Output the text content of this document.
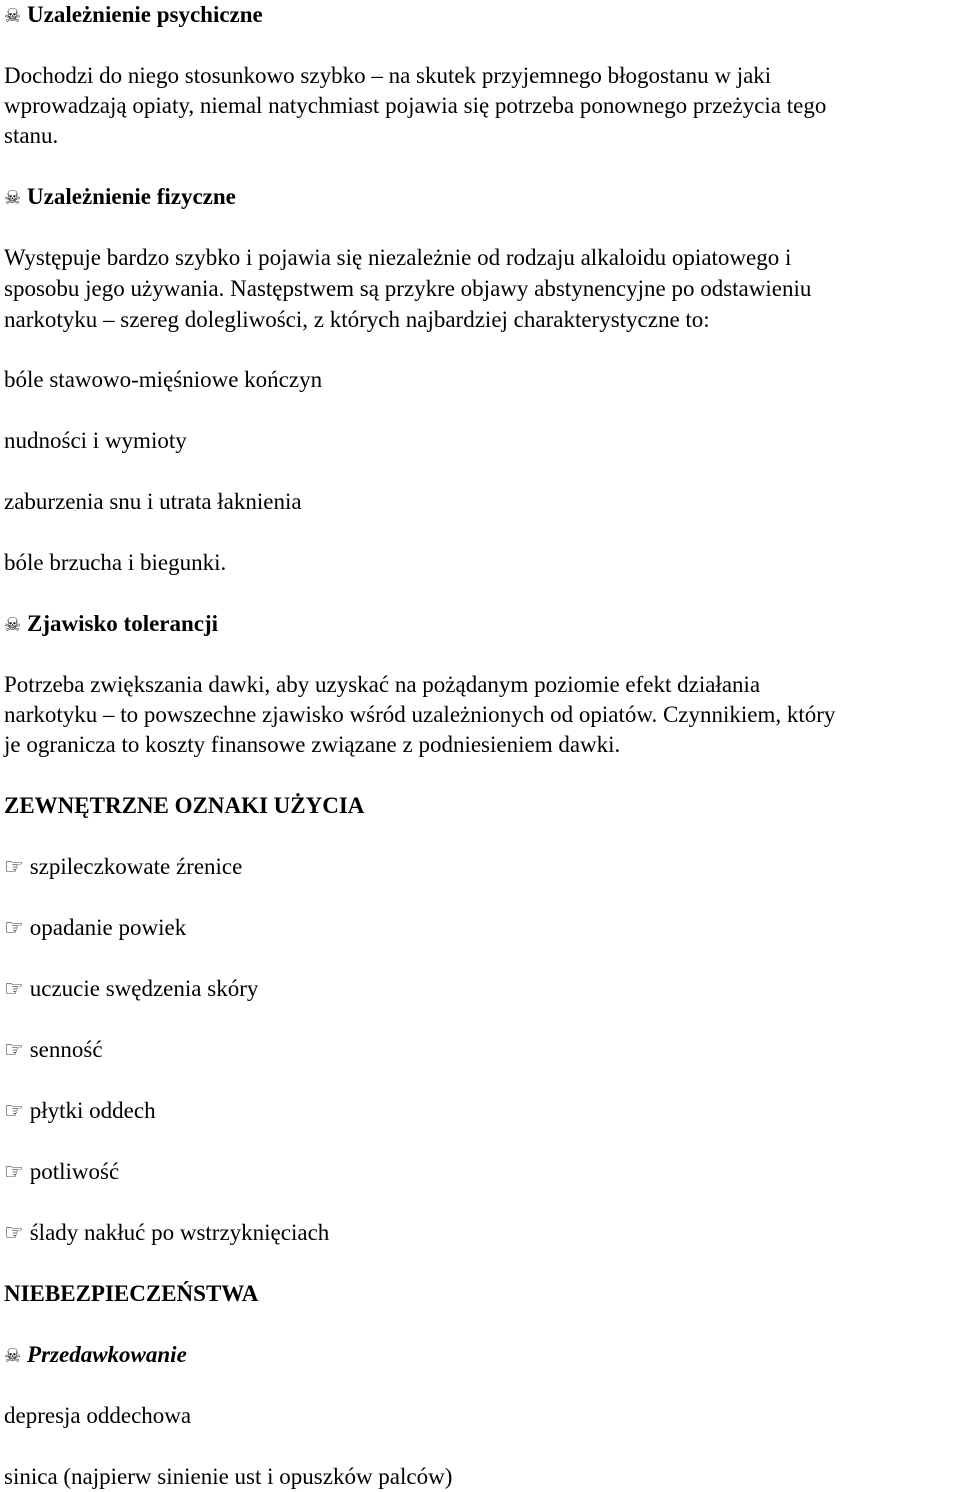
☠ Uzależnienie psychiczne
Dochodzi do niego stosunkowo szybko – na skutek przyjemnego błogostanu w jaki
wprowadzają opiaty, niemal natychmiast pojawia się potrzeba ponownego przeżycia tego
stanu.
☠ Uzależnienie fizyczne
Występuje bardzo szybko i pojawia się niezależnie od rodzaju alkaloidu opiatowego i
sposobu jego używania. Następstwem są przykre objawy abstynencyjne po odstawieniu
narkotyku – szereg dolegliwości, z których najbardziej charakterystyczne to:
bóle stawowo-mięśniowe kończyn
nudności i wymioty
zaburzenia snu i utrata łaknienia
bóle brzucha i biegunki.
☠ Zjawisko tolerancji
Potrzeba zwiększania dawki, aby uzyskać na pożądanym poziomie efekt działania
narkotyku – to powszechne zjawisko wśród uzależnionych od opiatów. Czynnikiem, który
je ogranicza to koszty finansowe związane z podniesieniem dawki.
ZEWNĘTRZNE OZNAKI UŻYCIA
☞ szpileczkowate źrenice
☞ opadanie powiek
☞ uczucie swędzenia skóry
☞ senność
☞ płytki oddech
☞ potliwość
☞ ślady nakłuć po wstrzyknięciach
NIEBEZPIECZEŃSTWA
☠ Przedawkowanie
depresja oddechowa
sinica (najpierw sinienie ust i opuszków palców)
